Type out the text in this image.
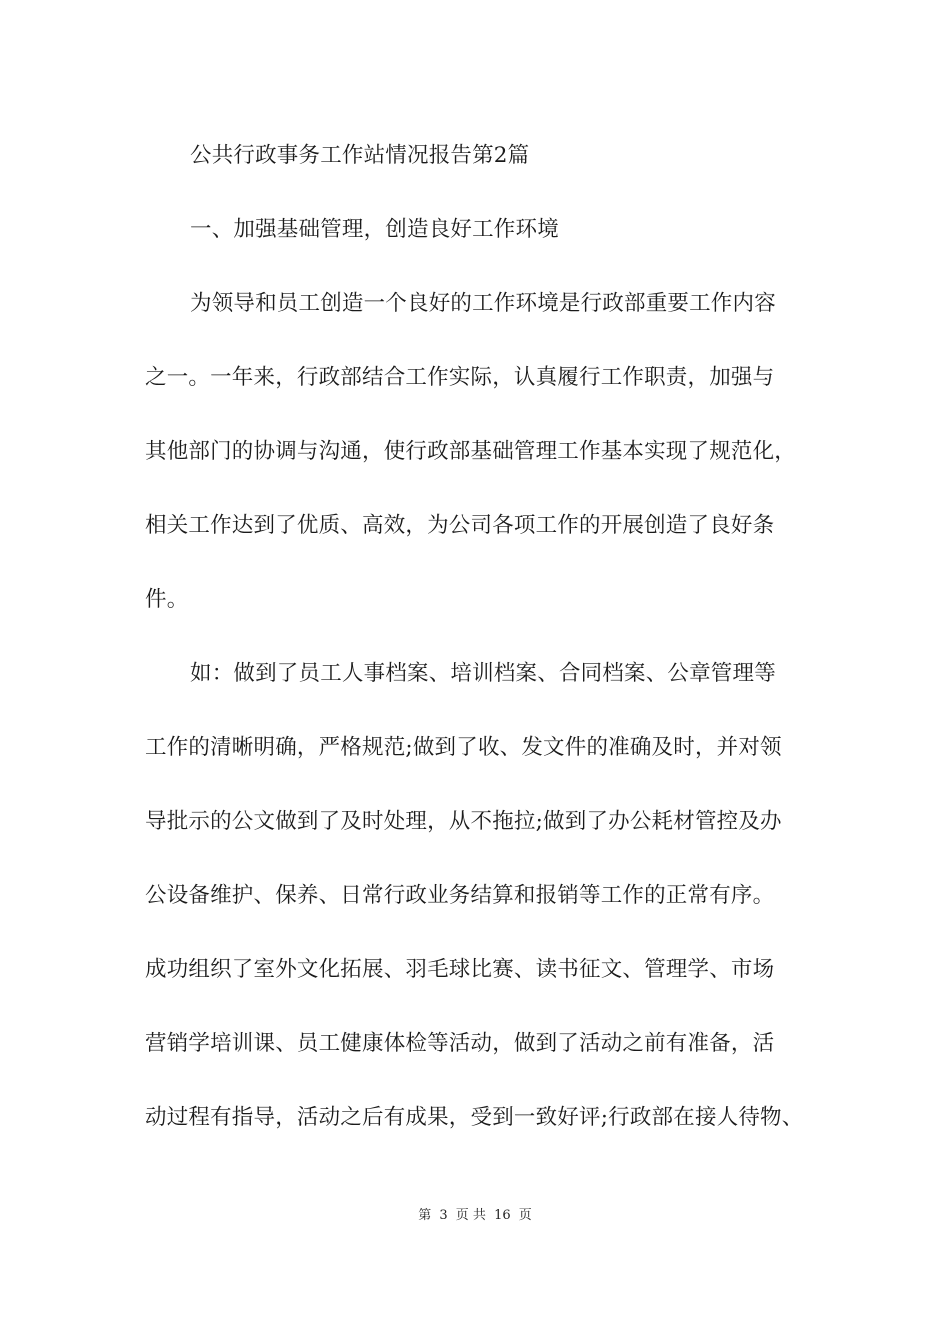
公共行政事务工作站情况报告第2篇
一、加强基础管理，创造良好工作环境
为领导和员工创造一个良好的工作环境是行政部重要工作内容
之一。一年来，行政部结合工作实际，认真履行工作职责，加强与
其他部门的协调与沟通，使行政部基础管理工作基本实现了规范化，
相关工作达到了优质、高效，为公司各项工作的开展创造了良好条
件。
如：做到了员工人事档案、培训档案、合同档案、公章管理等
工作的清晰明确，严格规范;做到了收、发文件的准确及时，并对领
导批示的公文做到了及时处理，从不拖拉;做到了办公耗材管控及办
公设备维护、保养、日常行政业务结算和报销等工作的正常有序。
成功组织了室外文化拓展、羽毛球比赛、读书征文、管理学、市场
营销学培训课、员工健康体检等活动，做到了活动之前有准备，活
动过程有指导，活动之后有成果，受到一致好评;行政部在接人待物、
第 3 页 共 16 页
